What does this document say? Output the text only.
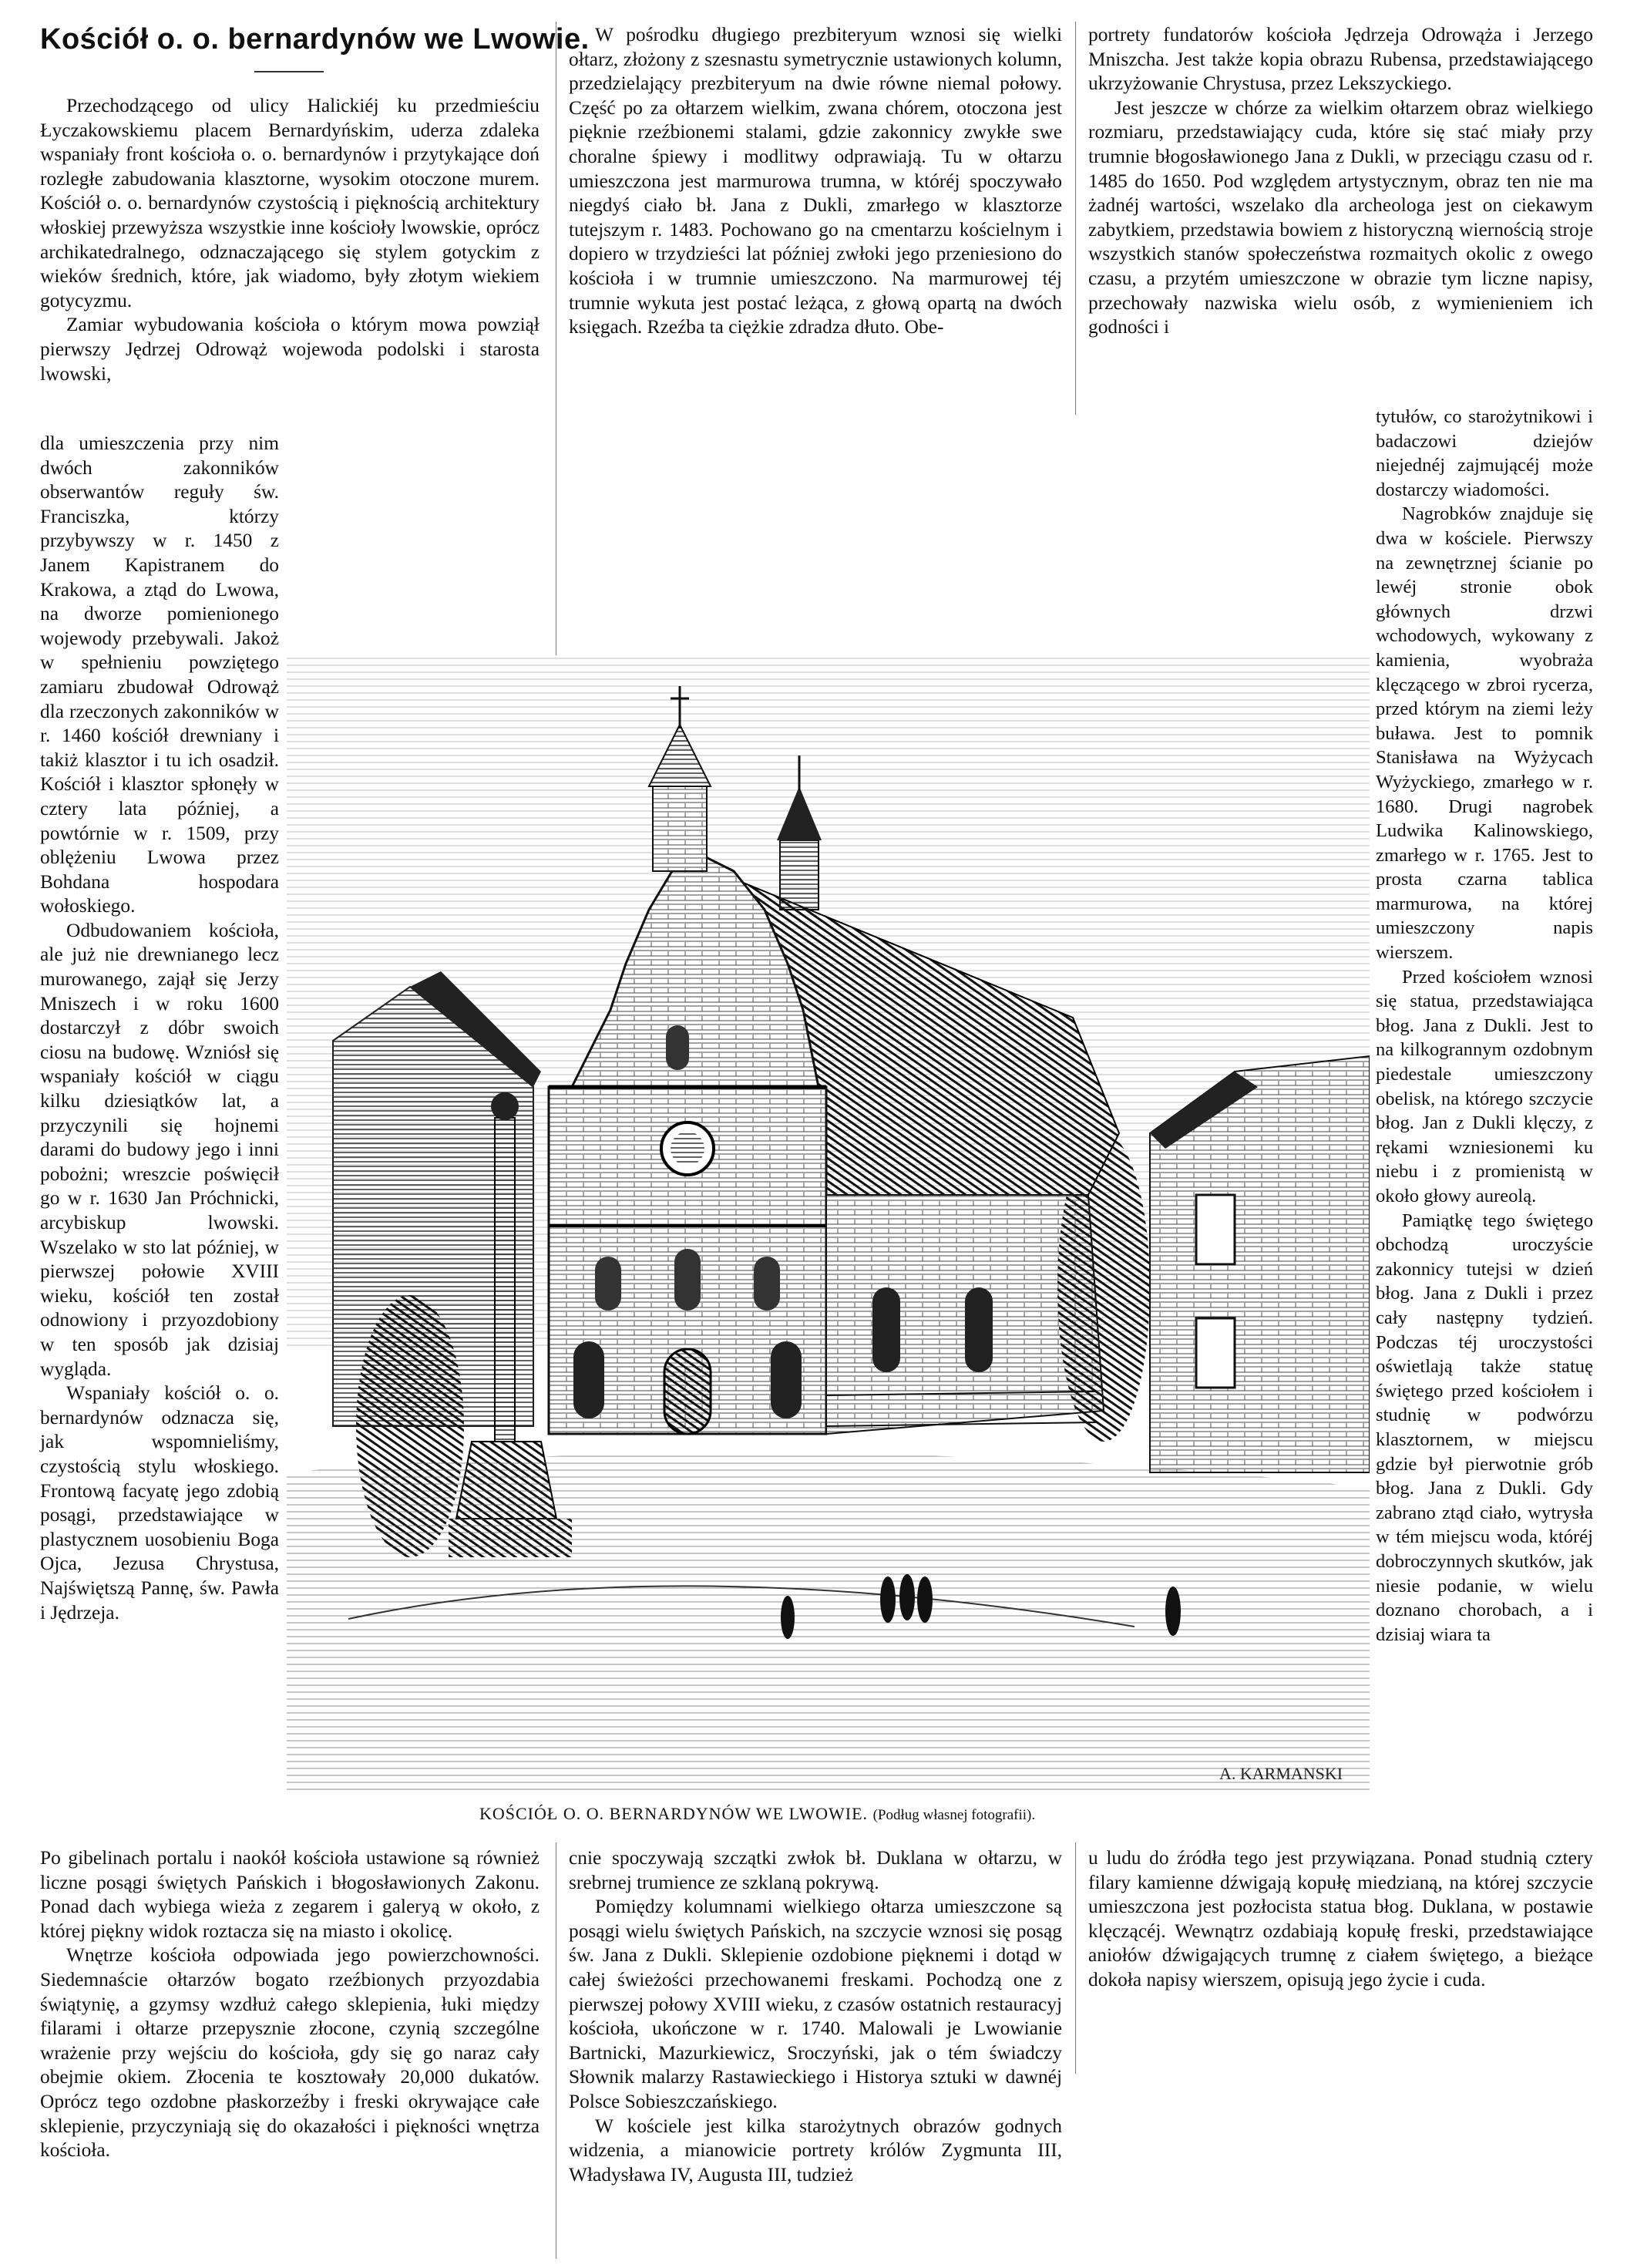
Kościół o. o. bernardynów we Lwowie.

Przechodzącego od ulicy Halickiéj ku przedmieściu Łyczakowskiemu placem Bernardyńskim, uderza zdaleka wspaniały front kościoła o. o. bernardynów i przytykające doń rozległe zabudowania klasztorne, wysokim otoczone murem. Kościół o. o. bernardynów czystością i pięknością architektury włoskiej przewyższa wszystkie inne kościoły lwowskie, oprócz archikatedralnego, odznaczającego się stylem gotyckim z wieków średnich, które, jak wiadomo, były złotym wiekiem gotycyzmu.

Zamiar wybudowania kościoła o którym mowa powziął pierwszy Jędrzej Odrowąż wojewoda podolski i starosta lwowski,

dla umieszczenia przy nim dwóch zakonników obserwantów reguły św. Franciszka, którzy przybywszy w r. 1450 z Janem Kapistranem do Krakowa, a ztąd do Lwowa, na dworze pomienionego wojewody przebywali. Jakoż w spełnieniu powziętego zamiaru zbudował Odrowąż dla rzeczonych zakonników w r. 1460 kościół drewniany i takiż klasztor i tu ich osadził. Kościół i klasztor spłonęły w cztery lata później, a powtórnie w r. 1509, przy oblężeniu Lwowa przez Bohdana hospodara wołoskiego.

Odbudowaniem kościoła, ale już nie drewnianego lecz murowanego, zajął się Jerzy Mniszech i w roku 1600 dostarczył z dóbr swoich ciosu na budowę. Wzniósł się wspaniały kościół w ciągu kilku dziesiątków lat, a przyczynili się hojnemi darami do budowy jego i inni pobożni; wreszcie poświęcił go w r. 1630 Jan Próchnicki, arcybiskup lwowski. Wszelako w sto lat później, w pierwszej połowie XVIII wieku, kościół ten został odnowiony i przyozdobiony w ten sposób jak dzisiaj wygląda.

Wspaniały kościół o. o. bernardynów odznacza się, jak wspomnieliśmy, czystością stylu włoskiego. Frontową facyatę jego zdobią posągi, przedstawiające w plastycznem uosobieniu Boga Ojca, Jezusa Chrystusa, Najświętszą Pannę, św. Pawła i Jędrzeja.

Po gibelinach portalu i naokół kościoła ustawione są również liczne posągi świętych Pańskich i błogosławionych Zakonu. Ponad dach wybiega wieża z zegarem i galeryą w około, z której piękny widok roztacza się na miasto i okolicę.

Wnętrze kościoła odpowiada jego powierzchowności. Siedemnaście ołtarzów bogato rzeźbionych przyozdabia świątynię, a gzymsy wzdłuż całego sklepienia, łuki między filarami i ołtarze przepysznie złocone, czynią szczególne wrażenie przy wejściu do kościoła, gdy się go naraz cały obejmie okiem. Złocenia te kosztowały 20,000 dukatów. Oprócz tego ozdobne płaskorzeźby i freski okrywające całe sklepienie, przyczyniają się do okazałości i piękności wnętrza kościoła.

W pośrodku długiego prezbiteryum wznosi się wielki ołtarz, złożony z szesnastu symetrycznie ustawionych kolumn, przedzielający prezbiteryum na dwie równe niemal połowy. Część po za ołtarzem wielkim, zwana chórem, otoczona jest pięknie rzeźbionemi stalami, gdzie zakonnicy zwykłe swe choralne śpiewy i modlitwy odprawiają. Tu w ołtarzu umieszczona jest marmurowa trumna, w któréj spoczywało niegdyś ciało bł. Jana z Dukli, zmarłego w klasztorze tutejszym r. 1483. Pochowano go na cmentarzu kościelnym i dopiero w trzydzieści lat później zwłoki jego przeniesiono do kościoła i w trumnie umieszczono. Na marmurowej téj trumnie wykuta jest postać leżąca, z głową opartą na dwóch księgach. Rzeźba ta ciężkie zdradza dłuto. Obe-

cnie spoczywają szczątki zwłok bł. Duklana w ołtarzu, w srebrnej trumience ze szklaną pokrywą.

Pomiędzy kolumnami wielkiego ołtarza umieszczone są posągi wielu świętych Pańskich, na szczycie wznosi się posąg św. Jana z Dukli. Sklepienie ozdobione pięknemi i dotąd w całej świeżości przechowanemi freskami. Pochodzą one z pierwszej połowy XVIII wieku, z czasów ostatnich restauracyj kościoła, ukończone w r. 1740. Malowali je Lwowianie Bartnicki, Mazurkiewicz, Sroczyński, jak o tém świadczy Słownik malarzy Rastawieckiego i Historya sztuki w dawnéj Polsce Sobieszczańskiego.

W kościele jest kilka starożytnych obrazów godnych widzenia, a mianowicie portrety królów Zygmunta III, Władysława IV, Augusta III, tudzież

portrety fundatorów kościoła Jędrzeja Odrowąża i Jerzego Mniszcha. Jest także kopia obrazu Rubensa, przedstawiającego ukrzyżowanie Chrystusa, przez Lekszyckiego.

Jest jeszcze w chórze za wielkim ołtarzem obraz wielkiego rozmiaru, przedstawiający cuda, które się stać miały przy trumnie błogosławionego Jana z Dukli, w przeciągu czasu od r. 1485 do 1650. Pod względem artystycznym, obraz ten nie ma żadnéj wartości, wszelako dla archeologa jest on ciekawym zabytkiem, przedstawia bowiem z historyczną wiernością stroje wszystkich stanów społeczeństwa rozmaitych okolic z owego czasu, a przytém umieszczone w obrazie tym liczne napisy, przechowały nazwiska wielu osób, z wymienieniem ich godności i

tytułów, co starożytnikowi i badaczowi dziejów niejednéj zajmującéj może dostarczy wiadomości.

Nagrobków znajduje się dwa w kościele. Pierwszy na zewnętrznej ścianie po lewéj stronie obok głównych drzwi wchodowych, wykowany z kamienia, wyobraża klęczącego w zbroi rycerza, przed którym na ziemi leży buława. Jest to pomnik Stanisława na Wyżycach Wyżyckiego, zmarłego w r. 1680. Drugi nagrobek Ludwika Kalinowskiego, zmarłego w r. 1765. Jest to prosta czarna tablica marmurowa, na której umieszczony napis wierszem.

Przed kościołem wznosi się statua, przedstawiająca błog. Jana z Dukli. Jest to na kilkogrannym ozdobnym piedestale umieszczony obelisk, na którego szczycie błog. Jan z Dukli klęczy, z rękami wzniesionemi ku niebu i z promienistą w około głowy aureolą.

Pamiątkę tego świętego obchodzą uroczyście zakonnicy tutejsi w dzień błog. Jana z Dukli i przez cały następny tydzień. Podczas téj uroczystości oświetlają także statuę świętego przed kościołem i studnię w podwórzu klasztornem, w miejscu gdzie był pierwotnie grób błog. Jana z Dukli. Gdy zabrano ztąd ciało, wytrysła w tém miejscu woda, któréj dobroczynnych skutków, jak niesie podanie, w wielu doznano chorobach, a i dzisiaj wiara ta

u ludu do źródła tego jest przywiązana. Ponad studnią cztery filary kamienne dźwigają kopułę miedzianą, na której szczycie umieszczona jest pozłocista statua błog. Duklana, w postawie klęczącéj. Wewnątrz ozdabiają kopułę freski, przedstawiające aniołów dźwigających trumnę z ciałem świętego, a bieżące dokoła napisy wierszem, opisują jego życie i cuda.

A. KARMANSKI
KOŚCIÓŁ O. O. BERNARDYNÓW WE LWOWIE. (Podług własnej fotografii).
